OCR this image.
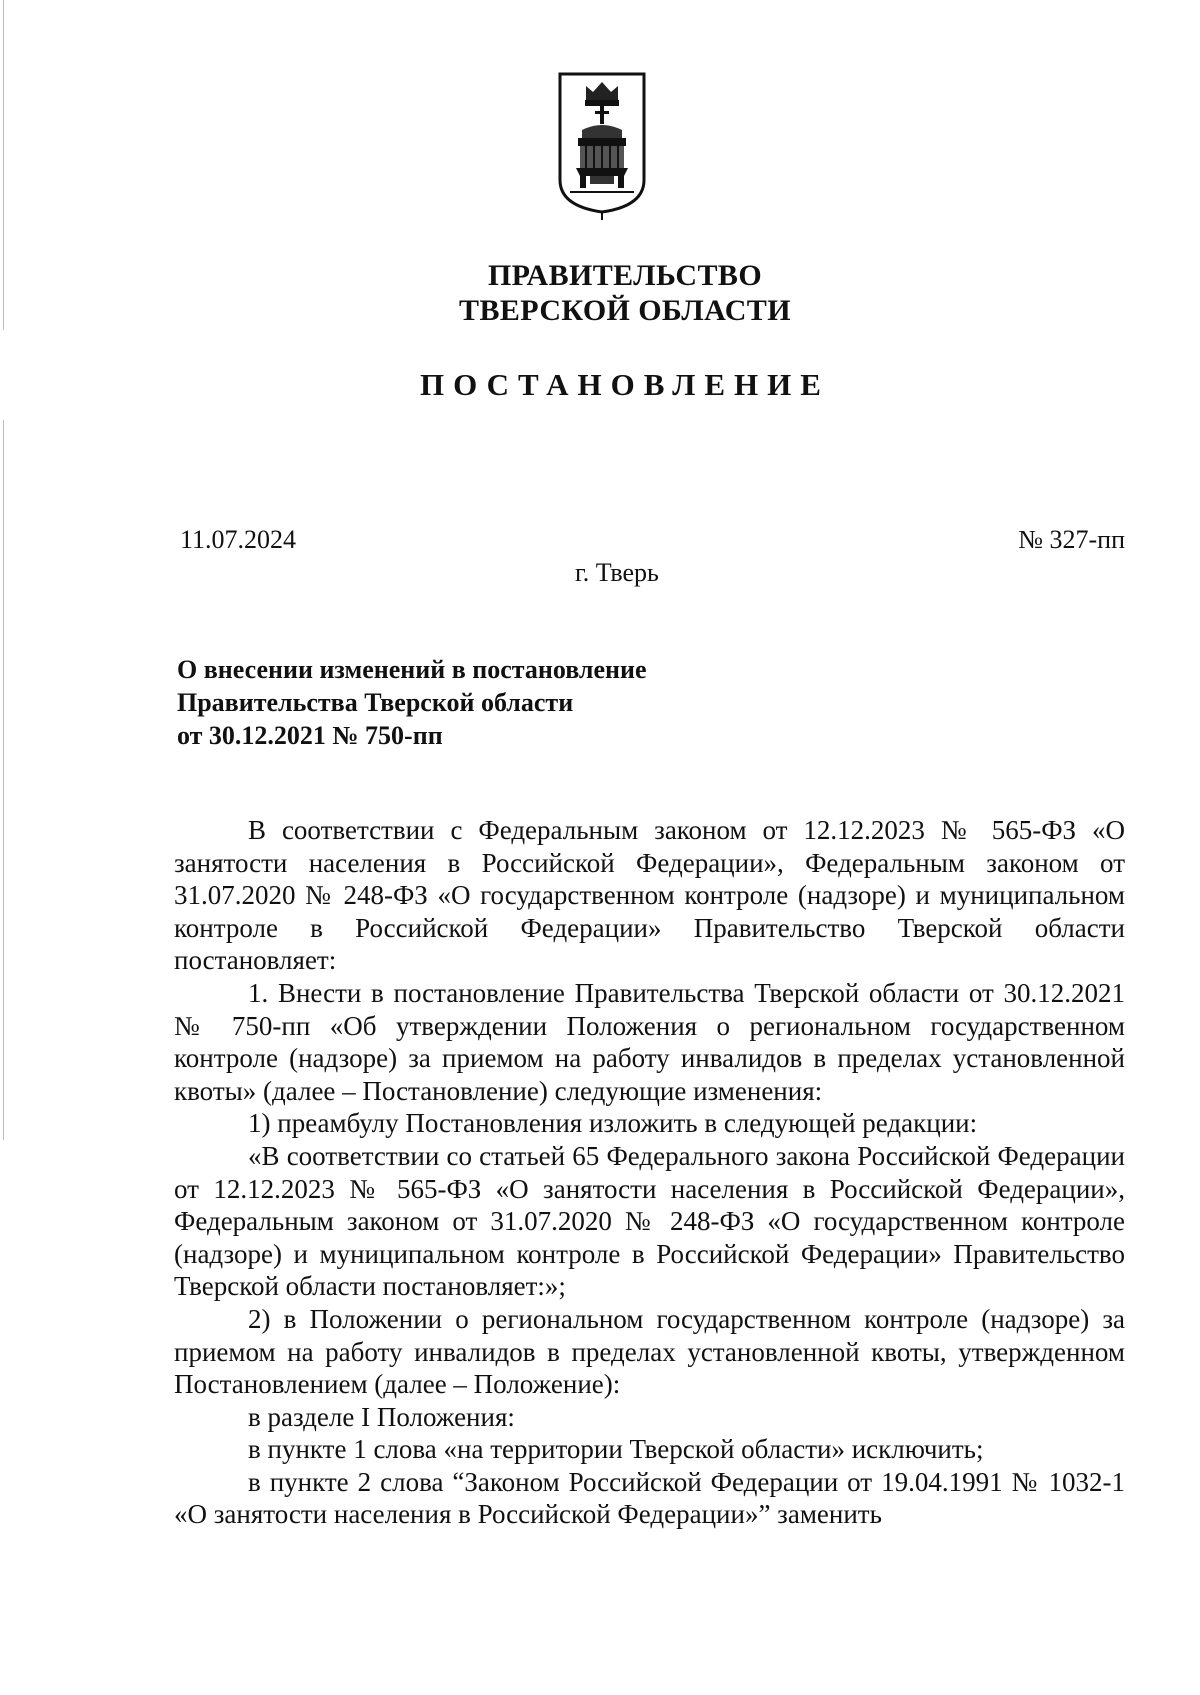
ПРАВИТЕЛЬСТВО
ТВЕРСКОЙ ОБЛАСТИ
ПОСТАНОВЛЕНИЕ
11.07.2024	№ 327-пп
г. Тверь
О внесении изменений в постановление
Правительства Тверской области
от 30.12.2021 № 750-пп

В соответствии с Федеральным законом от 12.12.2023 № 565-ФЗ «О занятости населения в Российской Федерации», Федеральным законом от 31.07.2020 № 248-ФЗ «О государственном контроле (надзоре) и муниципальном контроле в Российской Федерации» Правительство Тверской области постановляет:

1. Внести в постановление Правительства Тверской области от 30.12.2021 № 750-пп «Об утверждении Положения о региональном государственном контроле (надзоре) за приемом на работу инвалидов в пределах установленной квоты» (далее – Постановление) следующие изменения:

1) преамбулу Постановления изложить в следующей редакции:

«В соответствии со статьей 65 Федерального закона Российской Федерации от 12.12.2023 № 565-ФЗ «О занятости населения в Российской Федерации», Федеральным законом от 31.07.2020 № 248-ФЗ «О государственном контроле (надзоре) и муниципальном контроле в Российской Федерации» Правительство Тверской области постановляет:»;

2) в Положении о региональном государственном контроле (надзоре) за приемом на работу инвалидов в пределах установленной квоты, утвержденном Постановлением (далее – Положение):

в разделе I Положения:

в пункте 1 слова «на территории Тверской области» исключить;

в пункте 2 слова “Законом Российской Федерации от 19.04.1991 № 1032-1 «О занятости населения в Российской Федерации»” заменить
